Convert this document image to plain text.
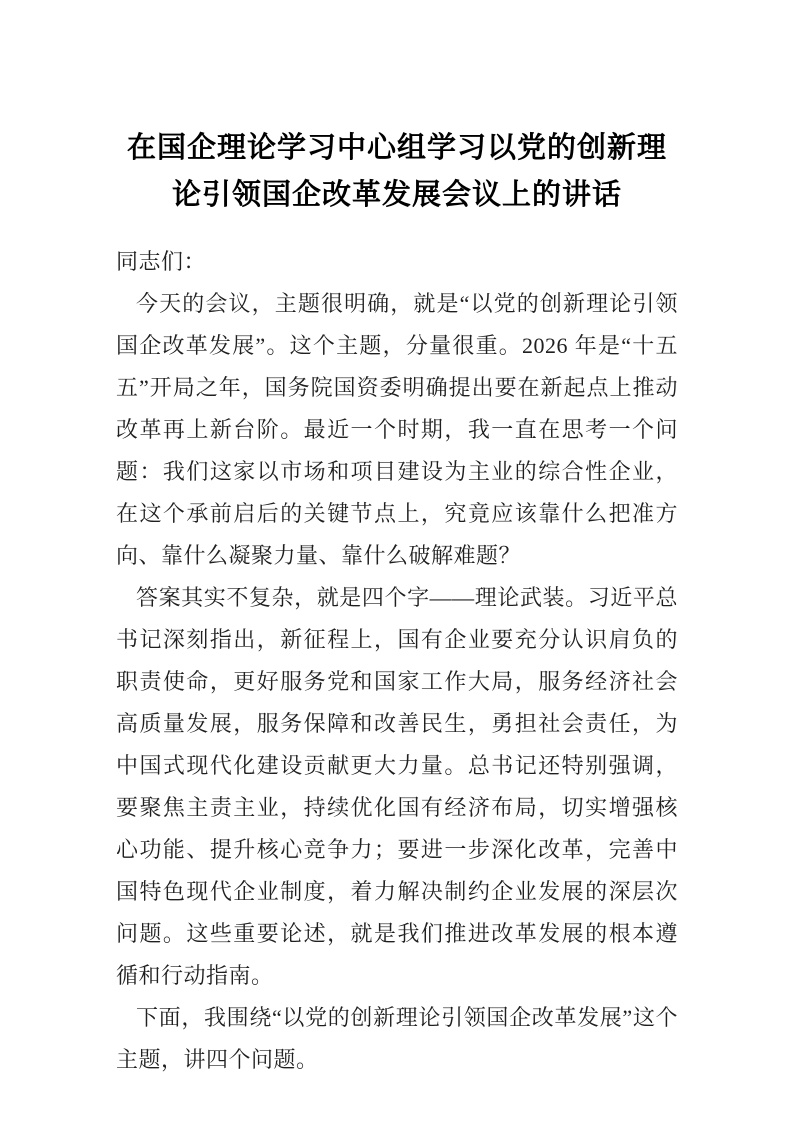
在国企理论学习中心组学习以党的创新理论引领国企改革发展会议上的讲话

同志们：

今天的会议，主题很明确，就是“以党的创新理论引领国企改革发展”。这个主题，分量很重。2026 年是“十五五”开局之年，国务院国资委明确提出要在新起点上推动改革再上新台阶。最近一个时期，我一直在思考一个问题：我们这家以市场和项目建设为主业的综合性企业，在这个承前启后的关键节点上，究竟应该靠什么把准方向、靠什么凝聚力量、靠什么破解难题？

答案其实不复杂，就是四个字——理论武装。习近平总书记深刻指出，新征程上，国有企业要充分认识肩负的职责使命，更好服务党和国家工作大局，服务经济社会高质量发展，服务保障和改善民生，勇担社会责任，为中国式现代化建设贡献更大力量。总书记还特别强调，要聚焦主责主业，持续优化国有经济布局，切实增强核心功能、提升核心竞争力；要进一步深化改革，完善中国特色现代企业制度，着力解决制约企业发展的深层次问题。这些重要论述，就是我们推进改革发展的根本遵循和行动指南。

下面，我围绕“以党的创新理论引领国企改革发展”这个主题，讲四个问题。
